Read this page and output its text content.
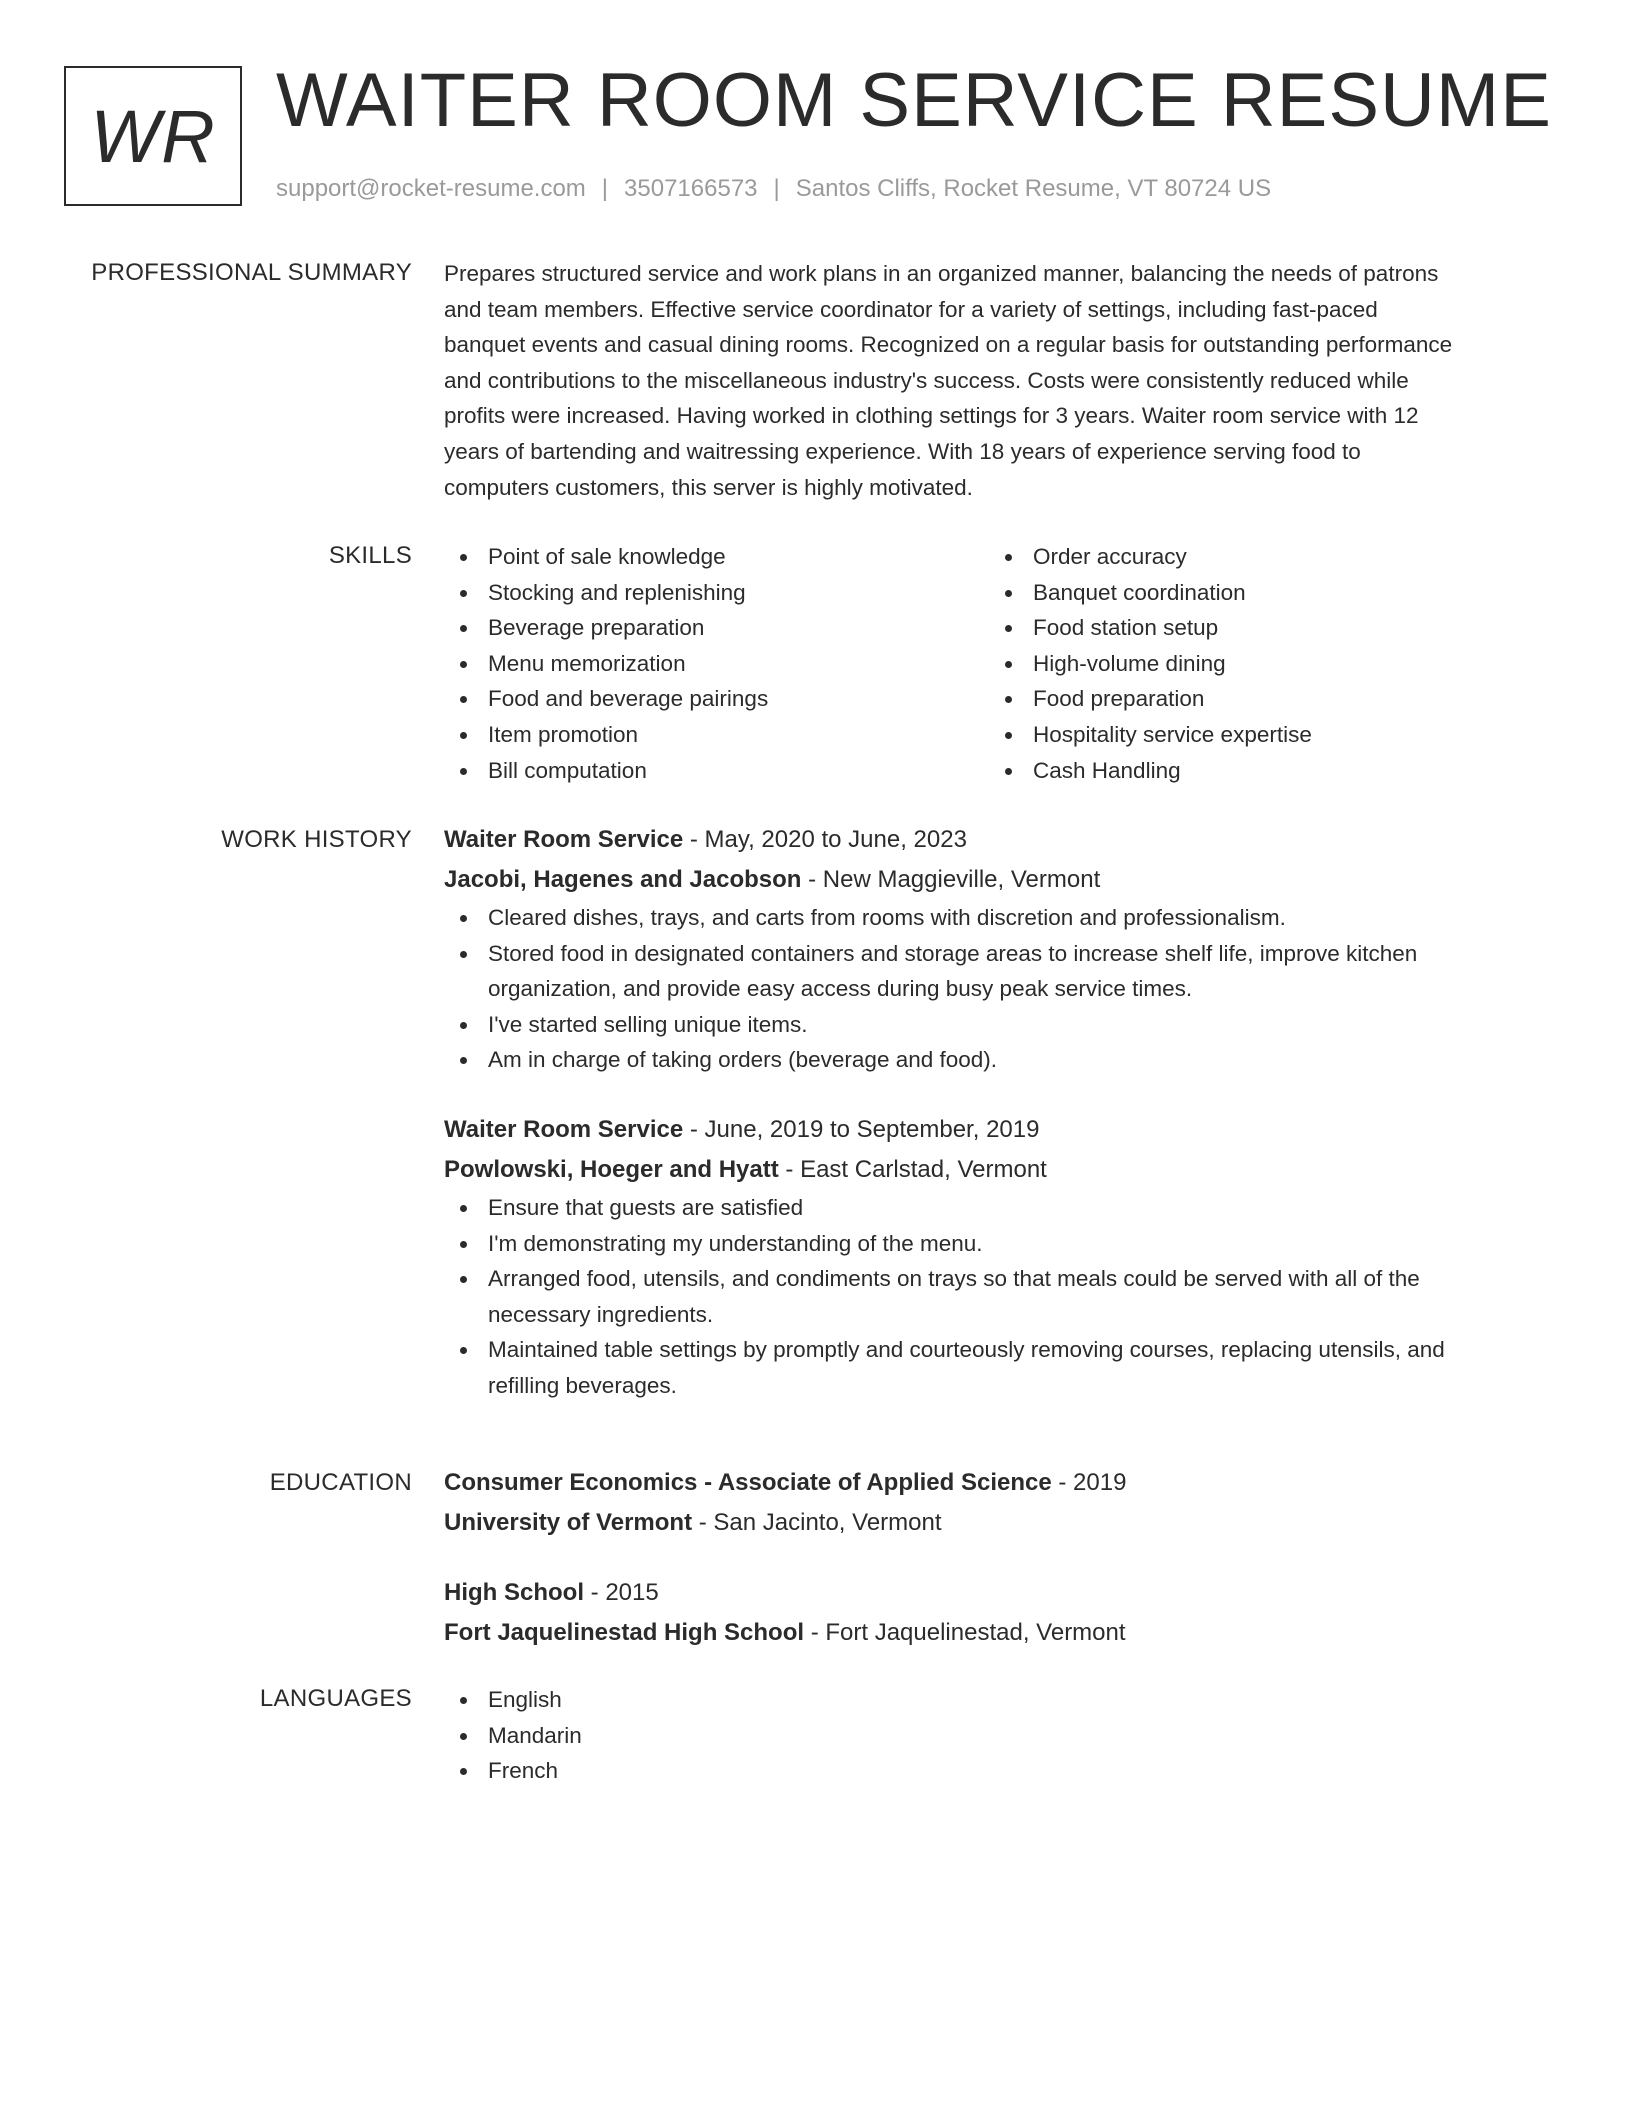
WR WAITER ROOM SERVICE RESUME
support@rocket-resume.com | 3507166573 | Santos Cliffs, Rocket Resume, VT 80724 US
PROFESSIONAL SUMMARY Prepares structured service and work plans in an organized manner, balancing the needs of patrons

and team members. Effective service coordinator for a variety of settings, including fast-paced

banquet events and casual dining rooms. Recognized on a regular basis for outstanding performance

and contributions to the miscellaneous industry's success. Costs were consistently reduced while

profits were increased. Having worked in clothing settings for 3 years. Waiter room service with 12

years of bartending and waitressing experience. With 18 years of experience serving food to

computers customers, this server is highly motivated.

SKILLS	Point of sale knowledge
Stocking and replenishing
Beverage preparation
Menu memorization
Food and beverage pairings
Item promotion
Bill computation
Order accuracy
Banquet coordination
Food station setup
High-volume dining
Food preparation
Hospitality service expertise
Cash Handling
WORK HISTORY Waiter Room Service - May, 2020 to June, 2023
Jacobi, Hagenes and Jacobson - New Maggieville, Vermont
Cleared dishes, trays, and carts from rooms with discretion and professionalism.
Stored food in designated containers and storage areas to increase shelf life, improve kitchen
organization, and provide easy access during busy peak service times.
I've started selling unique items.
Am in charge of taking orders (beverage and food).
Waiter Room Service - June, 2019 to September, 2019
Powlowski, Hoeger and Hyatt - East Carlstad, Vermont
Ensure that guests are satisfied
I'm demonstrating my understanding of the menu.
Arranged food, utensils, and condiments on trays so that meals could be served with all of the
necessary ingredients.
Maintained table settings by promptly and courteously removing courses, replacing utensils, and
refilling beverages.
EDUCATION Consumer Economics - Associate of Applied Science - 2019
University of Vermont - San Jacinto, Vermont
High School - 2015
Fort Jaquelinestad High School - Fort Jaquelinestad, Vermont
LANGUAGES	English
Mandarin
French
